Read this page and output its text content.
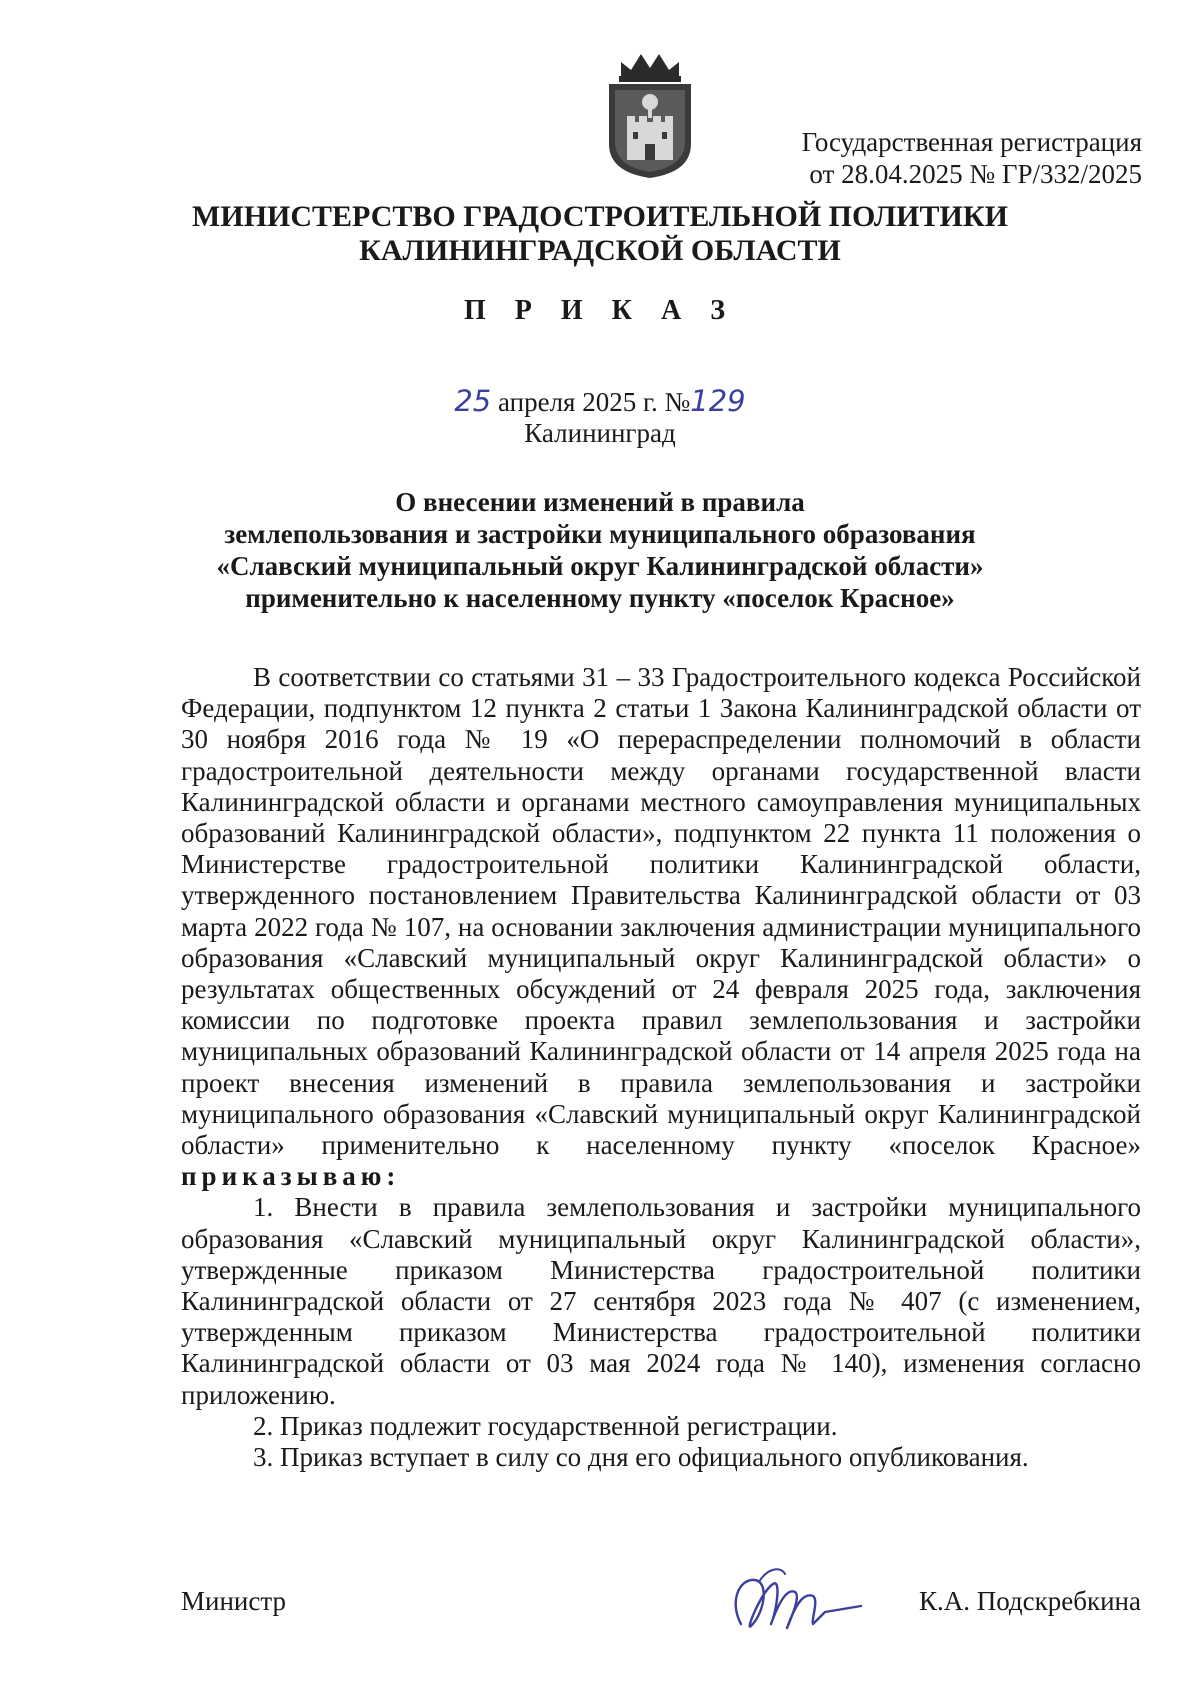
Государственная регистрация
от 28.04.2025 № ГР/332/2025
МИНИСТЕРСТВО ГРАДОСТРОИТЕЛЬНОЙ ПОЛИТИКИ
КАЛИНИНГРАДСКОЙ ОБЛАСТИ
П Р И К А З
25 апреля 2025 г. №129
Калининград
О внесении изменений в правила
землепользования и застройки муниципального образования
«Славский муниципальный округ Калининградской области»
применительно к населенному пункту «поселок Красное»

В соответствии со статьями 31 – 33 Градостроительного кодекса Российской Федерации, подпунктом 12 пункта 2 статьи 1 Закона Калининградской области от 30 ноября 2016 года № 19 «О перераспределении полномочий в области градостроительной деятельности между органами государственной власти Калининградской области и органами местного самоуправления муниципальных образований Калининградской области», подпунктом 22 пункта 11 положения о Министерстве градостроительной политики Калининградской области, утвержденного постановлением Правительства Калининградской области от 03 марта 2022 года № 107, на основании заключения администрации муниципального образования «Славский муниципальный округ Калининградской области» о результатах общественных обсуждений от 24 февраля 2025 года, заключения комиссии по подготовке проекта правил землепользования и застройки муниципальных образований Калининградской области от 14 апреля 2025 года на проект внесения изменений в правила землепользования и застройки муниципального образования «Славский муниципальный округ Калининградской области» применительно к населенному пункту «поселок Красное» приказываю:

1. Внести в правила землепользования и застройки муниципального образования «Славский муниципальный округ Калининградской области», утвержденные приказом Министерства градостроительной политики Калининградской области от 27 сентября 2023 года № 407 (с изменением, утвержденным приказом Министерства градостроительной политики Калининградской области от 03 мая 2024 года № 140), изменения согласно приложению.

2. Приказ подлежит государственной регистрации.

3. Приказ вступает в силу со дня его официального опубликования.

Министр	К.А. Подскребкина
